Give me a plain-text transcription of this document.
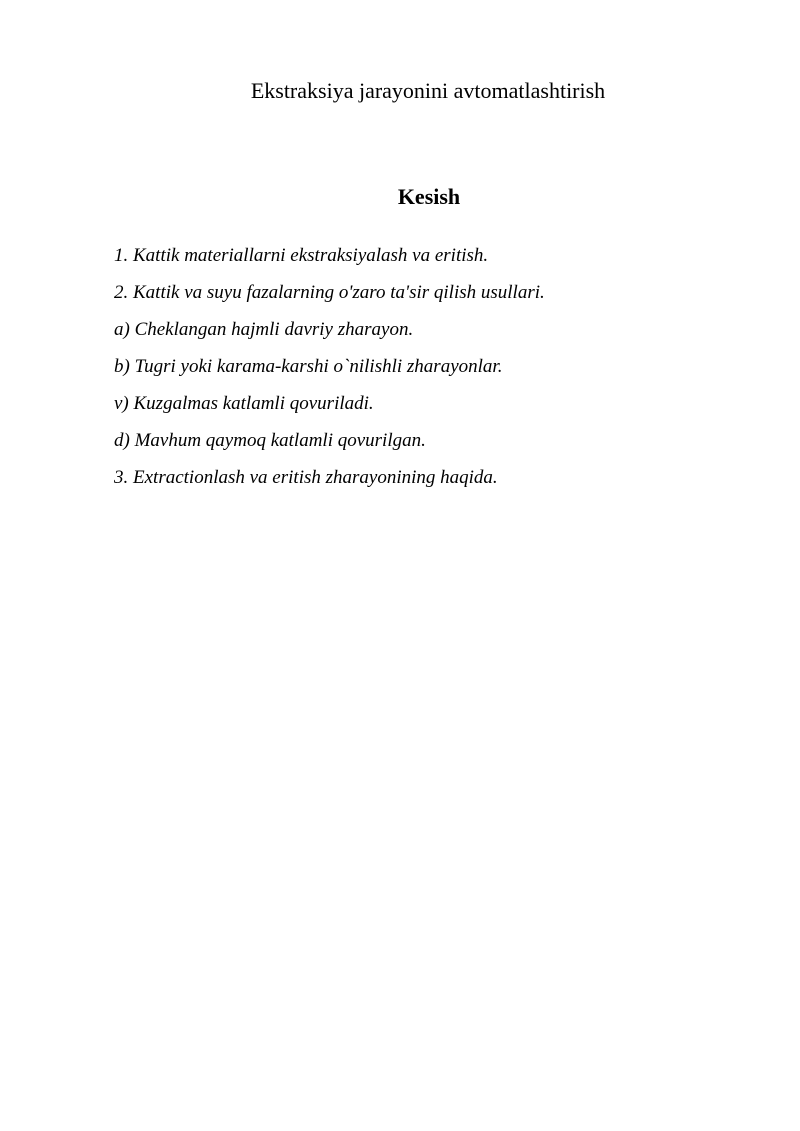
Ekstraksiya jarayonini avtomatlashtirish
Kesish
1. Kattik materiallarni ekstraksiyalash va eritish.
2. Kattik va suyu fazalarning o'zaro ta'sir qilish usullari.
a) Cheklangan hajmli davriy zharayon.
b) Tugri yoki karama-karshi o`nilishli zharayonlar.
v) Kuzgalmas katlamli qovuriladi.
d) Mavhum qaymoq katlamli qovurilgan.
3. Extractionlash va eritish zharayonining haqida.
